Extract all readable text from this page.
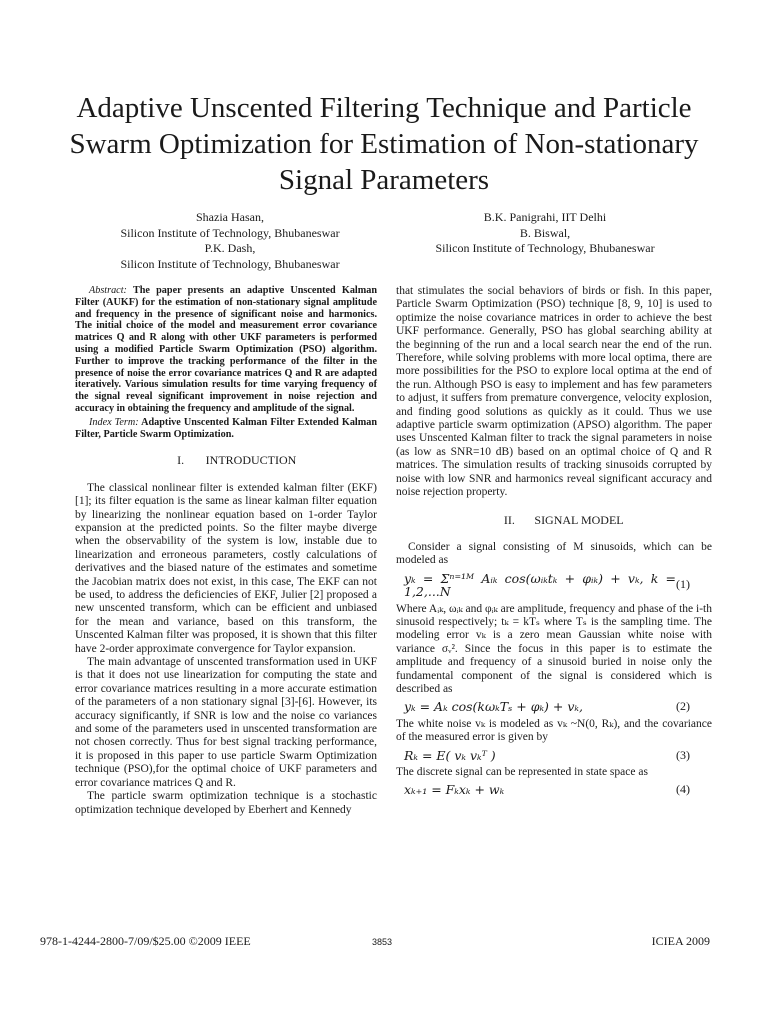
Adaptive Unscented Filtering Technique and Particle Swarm Optimization for Estimation of Non-stationary Signal Parameters
Shazia Hasan,
Silicon Institute of Technology, Bhubaneswar
P.K. Dash,
Silicon Institute of Technology, Bhubaneswar
B.K. Panigrahi, IIT Delhi
B. Biswal,
Silicon Institute of Technology, Bhubaneswar

Abstract: The paper presents an adaptive Unscented Kalman Filter (AUKF) for the estimation of non-stationary signal amplitude and frequency in the presence of significant noise and harmonics. The initial choice of the model and measurement error covariance matrices Q and R along with other UKF parameters is performed using a modified Particle Swarm Optimization (PSO) algorithm. Further to improve the tracking performance of the filter in the presence of noise the error covariance matrices Q and R are adapted iteratively. Various simulation results for time varying frequency of the signal reveal significant improvement in noise rejection and accuracy in obtaining the frequency and amplitude of the signal.

Index Term: Adaptive Unscented Kalman Filter Extended Kalman Filter, Particle Swarm Optimization.

I. INTRODUCTION

The classical nonlinear filter is extended kalman filter (EKF) [1]; its filter equation is the same as linear kalman filter equation by linearizing the nonlinear equation based on 1-order Taylor expansion at the predicted points. So the filter maybe diverge when the observability of the system is low, instable due to linearization and erroneous parameters, costly calculations of derivatives and the biased nature of the estimates and sometime the Jacobian matrix does not exist, in this case, The EKF can not be used, to address the deficiencies of EKF, Julier [2] proposed a new unscented transform, which can be efficient and unbiased for the mean and variance, based on this transform, the Unscented Kalman filter was proposed, it is shown that this filter have 2-order approximate convergence for Taylor expansion.

The main advantage of unscented transformation used in UKF is that it does not use linearization for computing the state and error covariance matrices resulting in a more accurate estimation of the parameters of a non stationary signal [3]-[6]. However, its accuracy significantly, if SNR is low and the noise co variances and some of the parameters used in unscented transformation are not chosen correctly. Thus for best signal tracking performance, it is proposed in this paper to use particle Swarm Optimization technique (PSO),for the optimal choice of UKF parameters and error covariance matrices Q and R.

The particle swarm optimization technique is a stochastic optimization technique developed by Eberhert and Kennedy

that stimulates the social behaviors of birds or fish. In this paper, Particle Swarm Optimization (PSO) technique [8, 9, 10] is used to optimize the noise covariance matrices in order to achieve the best UKF performance. Generally, PSO has global searching ability at the beginning of the run and a local search near the end of the run. Therefore, while solving problems with more local optima, there are more possibilities for the PSO to explore local optima at the end of the run. Although PSO is easy to implement and has few parameters to adjust, it suffers from premature convergence, velocity explosion, and finding good solutions as quickly as it could. Thus we use adaptive particle swarm optimization (APSO) algorithm. The paper uses Unscented Kalman filter to track the signal parameters in noise (as low as SNR=10 dB) based on an optimal choice of Q and R matrices. The simulation results of tracking sinusoids corrupted by noise with low SNR and harmonics reveal significant accuracy and noise rejection property.

II. SIGNAL MODEL

Consider a signal consisting of M sinusoids, which can be modeled as

yₖ = Σⁿ⁼¹ᴹ Aᵢₖ cos(ωᵢₖtₖ + φᵢₖ) + vₖ, k = 1,2,...N	(1)

Where Aᵢₖ, ωᵢₖ and φᵢₖ are amplitude, frequency and phase of the i-th sinusoid respectively; tₖ = kTₛ where Tₛ is the sampling time. The modeling error vₖ is a zero mean Gaussian white noise with variance σᵥ². Since the focus in this paper is to estimate the amplitude and frequency of a sinusoid buried in noise only the fundamental component of the signal is considered which is described as

yₖ = Aₖ cos(kωₖTₛ + φₖ) + vₖ,	(2)

The white noise vₖ is modeled as vₖ ~N(0, Rₖ), and the covariance of the measured error is given by

Rₖ = E( vₖ vₖᵀ )	(3)

The discrete signal can be represented in state space as

xₖ₊₁ = Fₖxₖ + wₖ	(4)

978-1-4244-2800-7/09/$25.00 ©2009 IEEE	3853	ICIEA 2009
